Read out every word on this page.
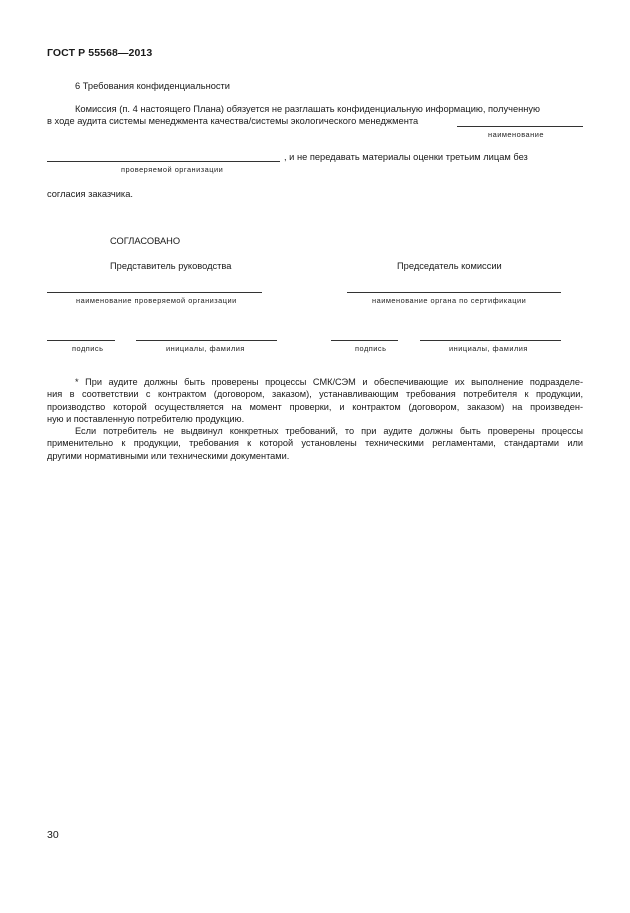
ГОСТ Р 55568—2013
6 Требования конфиденциальности
Комиссия (п. 4 настоящего Плана) обязуется не разглашать конфиденциальную информацию, полученную
в ходе аудита системы менеджмента качества/системы экологического менеджмента
наименование
, и не передавать материалы оценки третьим лицам без
проверяемой организации
согласия заказчика.
СОГЛАСОВАНО
Представитель руководства	Председатель комиссии
наименование проверяемой организации	наименование органа по сертификации
подпись	инициалы, фамилия	подпись	инициалы, фамилия
* При аудите должны быть проверены процессы СМК/СЭМ и обеспечивающие их выполнение подразделе-
ния в соответствии с контрактом (договором, заказом), устанавливающим требования потребителя к продукции,
производство которой осуществляется на момент проверки, и контрактом (договором, заказом) на произведен-
ную и поставленную потребителю продукцию.
Если потребитель не выдвинул конкретных требований, то при аудите должны быть проверены процессы
применительно к продукции, требования к которой установлены техническими регламентами, стандартами или
другими нормативными или техническими документами.
30
